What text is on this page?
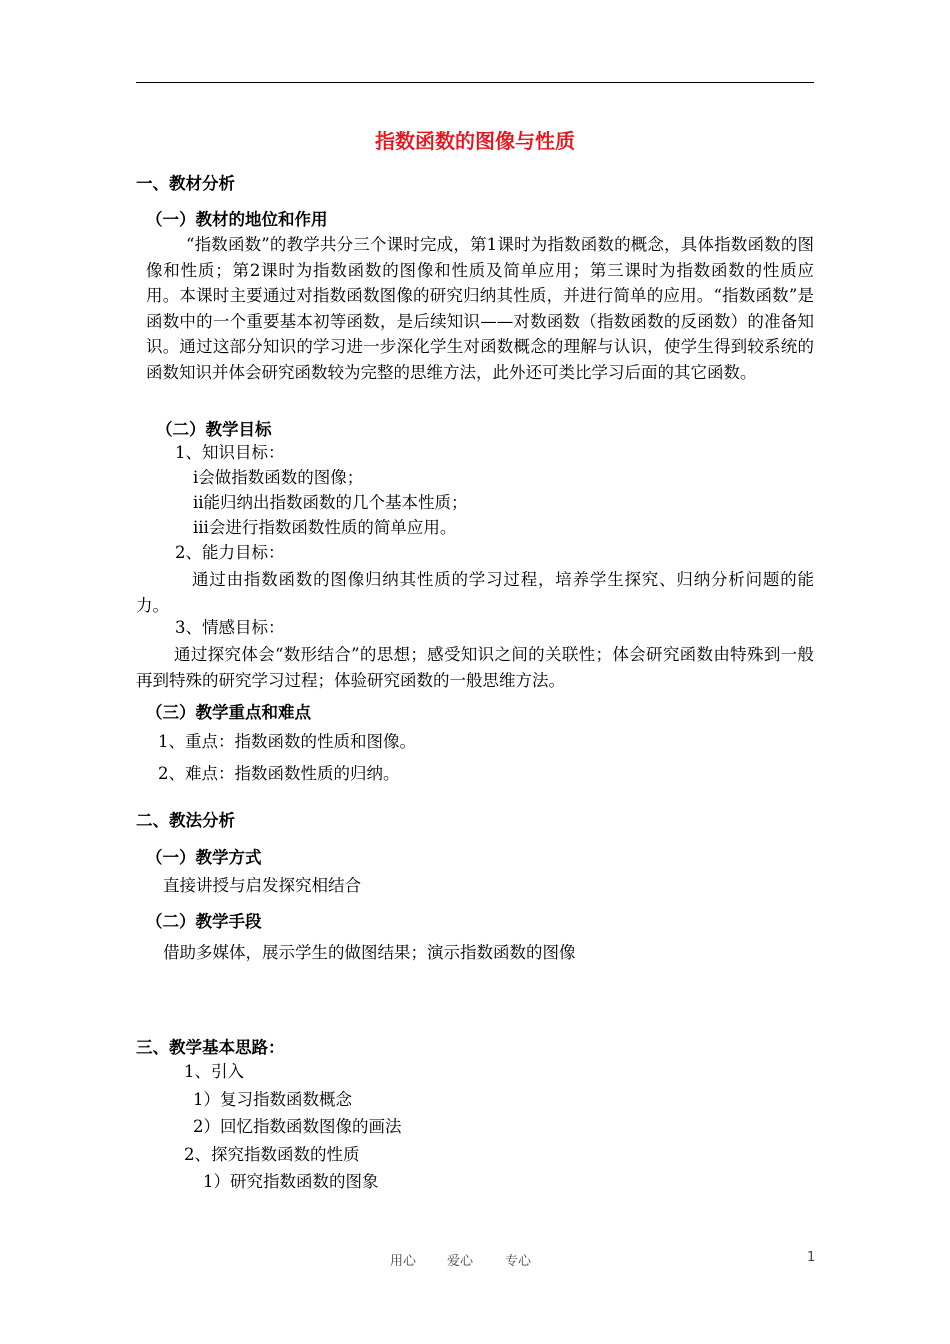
指数函数的图像与性质
一、教材分析
（一）教材的地位和作用
“指数函数”的教学共分三个课时完成，第1课时为指数函数的概念，具体指数函数的图像和性质；第2课时为指数函数的图像和性质及简单应用；第三课时为指数函数的性质应用。本课时主要通过对指数函数图像的研究归纳其性质，并进行简单的应用。“指数函数”是函数中的一个重要基本初等函数，是后续知识——对数函数（指数函数的反函数）的准备知识。通过这部分知识的学习进一步深化学生对函数概念的理解与认识，使学生得到较系统的函数知识并体会研究函数较为完整的思维方法，此外还可类比学习后面的其它函数。
（二）教学目标
1、知识目标：
ⅰ会做指数函数的图像；
ⅱ能归纳出指数函数的几个基本性质；
ⅲ会进行指数函数性质的简单应用。
2、能力目标：
通过由指数函数的图像归纳其性质的学习过程，培养学生探究、归纳分析问题的能力。
3、情感目标：
通过探究体会“数形结合”的思想；感受知识之间的关联性；体会研究函数由特殊到一般再到特殊的研究学习过程；体验研究函数的一般思维方法。
（三）教学重点和难点
1、重点：指数函数的性质和图像。
2、难点：指数函数性质的归纳。
二、教法分析
（一）教学方式
直接讲授与启发探究相结合
（二）教学手段
借助多媒体，展示学生的做图结果；演示指数函数的图像
三、教学基本思路：
1、引入
1）复习指数函数概念
2）回忆指数函数图像的画法
2、探究指数函数的性质
1）研究指数函数的图象
用心 爱心 专心	1
